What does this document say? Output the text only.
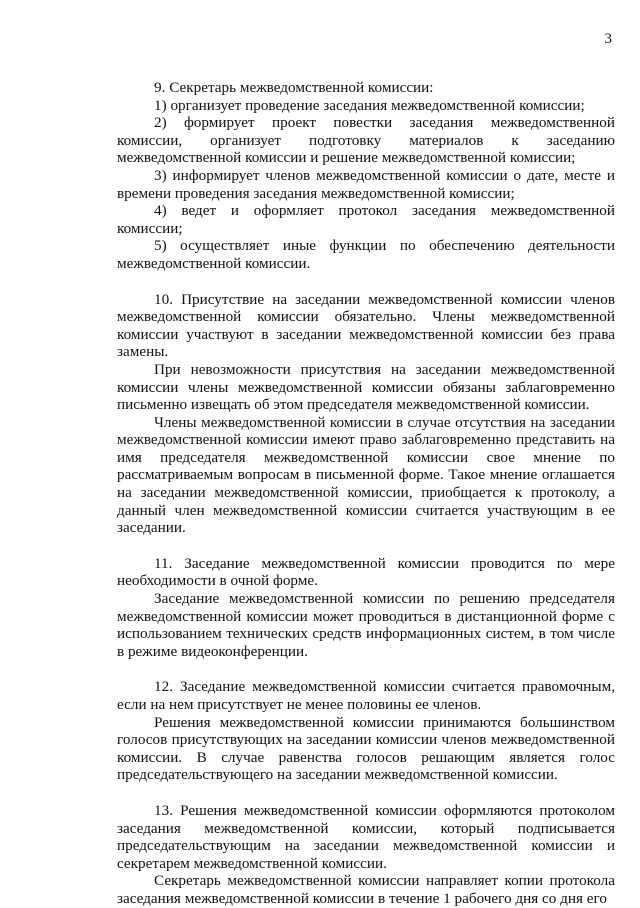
3

9. Секретарь межведомственной комиссии:

1) организует проведение заседания межведомственной комиссии;

2) формирует проект повестки заседания межведомственной комиссии, организует подготовку материалов к заседанию межведомственной комиссии и решение межведомственной комиссии;

3) информирует членов межведомственной комиссии о дате, месте и времени проведения заседания межведомственной комиссии;

4) ведет и оформляет протокол заседания межведомственной комиссии;

5) осуществляет иные функции по обеспечению деятельности межведомственной комиссии.

10. Присутствие на заседании межведомственной комиссии членов межведомственной комиссии обязательно. Члены межведомственной комиссии участвуют в заседании межведомственной комиссии без права замены.

При невозможности присутствия на заседании межведомственной комиссии члены межведомственной комиссии обязаны заблаговременно письменно извещать об этом председателя межведомственной комиссии.

Члены межведомственной комиссии в случае отсутствия на заседании межведомственной комиссии имеют право заблаговременно представить на имя председателя межведомственной комиссии свое мнение по рассматриваемым вопросам в письменной форме. Такое мнение оглашается на заседании межведомственной комиссии, приобщается к протоколу, а данный член межведомственной комиссии считается участвующим в ее заседании.

11. Заседание межведомственной комиссии проводится по мере необходимости в очной форме.

Заседание межведомственной комиссии по решению председателя межведомственной комиссии может проводиться в дистанционной форме с использованием технических средств информационных систем, в том числе в режиме видеоконференции.

12. Заседание межведомственной комиссии считается правомочным, если на нем присутствует не менее половины ее членов.

Решения межведомственной комиссии принимаются большинством голосов присутствующих на заседании комиссии членов межведомственной комиссии. В случае равенства голосов решающим является голос председательствующего на заседании межведомственной комиссии.

13. Решения межведомственной комиссии оформляются протоколом заседания межведомственной комиссии, который подписывается председательствующим на заседании межведомственной комиссии и секретарем межведомственной комиссии.

Секретарь межведомственной комиссии направляет копии протокола заседания межведомственной комиссии в течение 1 рабочего дня со дня его
